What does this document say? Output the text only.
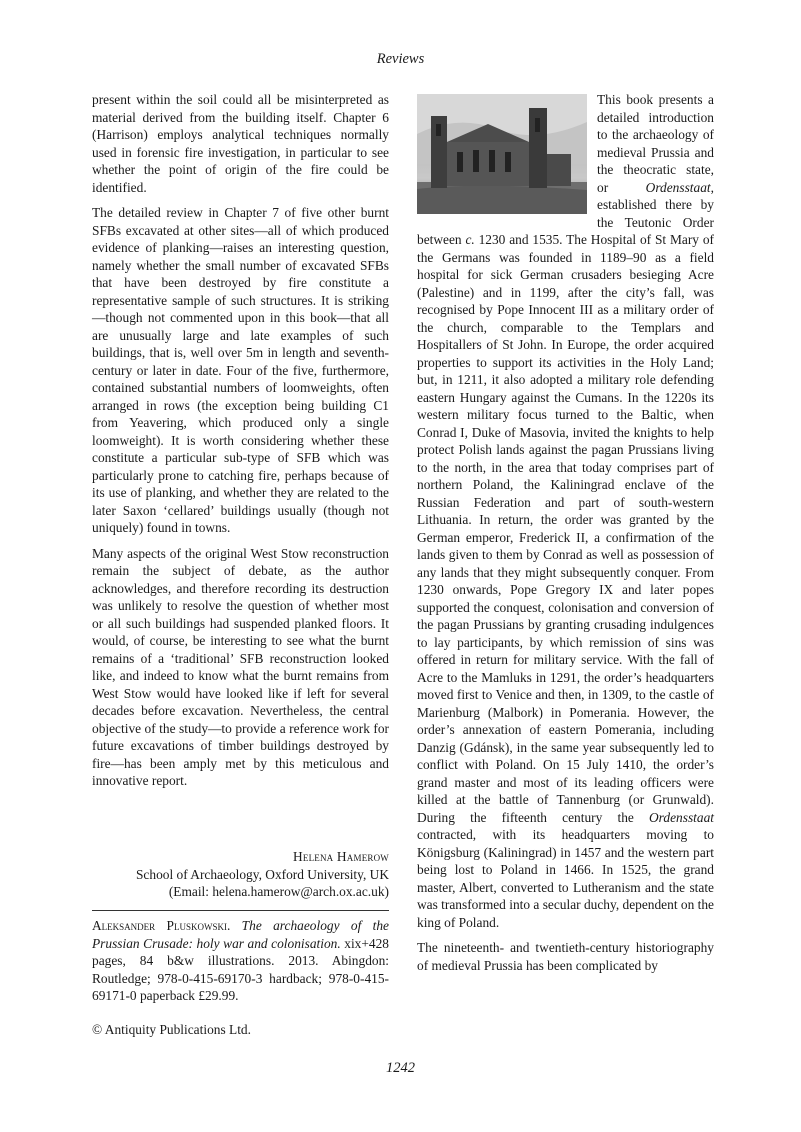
Reviews

present within the soil could all be misinterpreted as material derived from the building itself. Chapter 6 (Harrison) employs analytical techniques normally used in forensic fire investigation, in particular to see whether the point of origin of the fire could be identified.

The detailed review in Chapter 7 of five other burnt SFBs excavated at other sites—all of which produced evidence of planking—raises an interesting question, namely whether the small number of excavated SFBs that have been destroyed by fire constitute a representative sample of such structures. It is striking—though not commented upon in this book—that all are unusually large and late examples of such buildings, that is, well over 5m in length and seventh-century or later in date. Four of the five, furthermore, contained substantial numbers of loomweights, often arranged in rows (the exception being building C1 from Yeavering, which produced only a single loomweight). It is worth considering whether these constitute a particular sub-type of SFB which was particularly prone to catching fire, perhaps because of its use of planking, and whether they are related to the later Saxon ‘cellared’ buildings usually (though not uniquely) found in towns.

Many aspects of the original West Stow reconstruction remain the subject of debate, as the author acknowledges, and therefore recording its destruction was unlikely to resolve the question of whether most or all such buildings had suspended planked floors. It would, of course, be interesting to see what the burnt remains of a ‘traditional’ SFB reconstruction looked like, and indeed to know what the burnt remains from West Stow would have looked like if left for several decades before excavation. Nevertheless, the central objective of the study—to provide a reference work for future excavations of timber buildings destroyed by fire—has been amply met by this meticulous and innovative report.

Helena Hamerow
School of Archaeology, Oxford University, UK
(Email: helena.hamerow@arch.ox.ac.uk)
Aleksander Pluskowski. The archaeology of the Prussian Crusade: holy war and colonisation. xix+428 pages, 84 b&w illustrations. 2013. Abingdon: Routledge; 978-0-415-69170-3 hardback; 978-0-415-69171-0 paperback £29.99.
© Antiquity Publications Ltd.

This book presents a detailed introduction to the archaeology of medieval Prussia and the theocratic state, or Ordensstaat, established there by the Teutonic Order between c. 1230 and 1535. The Hospital of St Mary of the Germans was founded in 1189–90 as a field hospital for sick German crusaders besieging Acre (Palestine) and in 1199, after the city’s fall, was recognised by Pope Innocent III as a military order of the church, comparable to the Templars and Hospitallers of St John. In Europe, the order acquired properties to support its activities in the Holy Land; but, in 1211, it also adopted a military role defending eastern Hungary against the Cumans. In the 1220s its western military focus turned to the Baltic, when Conrad I, Duke of Masovia, invited the knights to help protect Polish lands against the pagan Prussians living to the north, in the area that today comprises part of northern Poland, the Kaliningrad enclave of the Russian Federation and part of south-western Lithuania. In return, the order was granted by the German emperor, Frederick II, a confirmation of the lands given to them by Conrad as well as possession of any lands that they might subsequently conquer. From 1230 onwards, Pope Gregory IX and later popes supported the conquest, colonisation and conversion of the pagan Prussians by granting crusading indulgences to lay participants, by which remission of sins was offered in return for military service. With the fall of Acre to the Mamluks in 1291, the order’s headquarters moved first to Venice and then, in 1309, to the castle of Marienburg (Malbork) in Pomerania. However, the order’s annexation of eastern Pomerania, including Danzig (Gdánsk), in the same year subsequently led to conflict with Poland. On 15 July 1410, the order’s grand master and most of its leading officers were killed at the battle of Tannenburg (or Grunwald). During the fifteenth century the Ordensstaat contracted, with its headquarters moving to Königsburg (Kaliningrad) in 1457 and the western part being lost to Poland in 1466. In 1525, the grand master, Albert, converted to Lutheranism and the state was transformed into a secular duchy, dependent on the king of Poland.

The nineteenth- and twentieth-century historiography of medieval Prussia has been complicated by

1242
